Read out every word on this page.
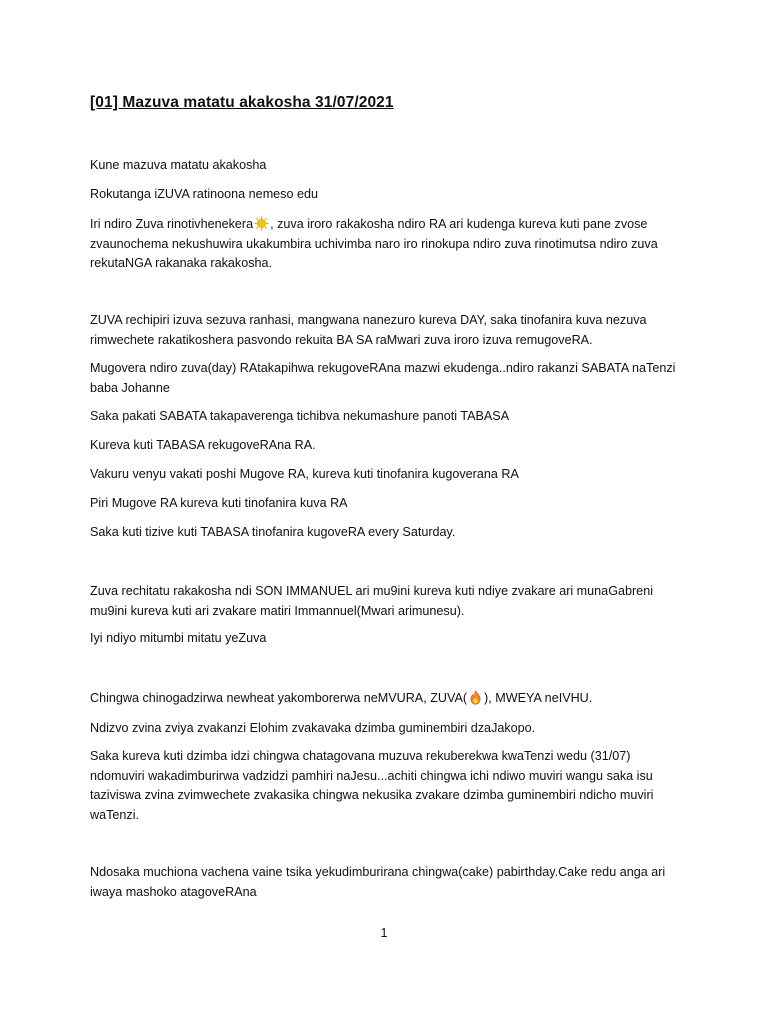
[01] Mazuva matatu akakosha 31/07/2021

Kune mazuva matatu akakosha

Rokutanga iZUVA ratinoona nemeso edu

Iri ndiro Zuva rinotivhenekera , zuva iroro rakakosha ndiro RA ari kudenga kureva kuti pane zvose zvaunochema nekushuwira ukakumbira uchivimba naro iro rinokupa ndiro zuva rinotimutsa ndiro zuva rekutaNGA rakanaka rakakosha.

ZUVA rechipiri izuva sezuva ranhasi, mangwana nanezuro kureva DAY, saka tinofanira kuva nezuva rimwechete rakatikoshera pasvondo rekuita BA SA raMwari zuva iroro izuva remugoveRA.

Mugovera ndiro zuva(day) RAtakapihwa rekugoveRAna mazwi ekudenga..ndiro rakanzi SABATA naTenzi baba Johanne

Saka pakati SABATA takapaverenga tichibva nekumashure panoti TABASA

Kureva kuti TABASA rekugoveRAna RA.

Vakuru venyu vakati poshi Mugove RA, kureva kuti tinofanira kugoverana RA

Piri Mugove RA kureva kuti tinofanira kuva RA

Saka kuti tizive kuti TABASA tinofanira kugoveRA every Saturday.

Zuva rechitatu rakakosha ndi SON IMMANUEL ari mu9ini kureva kuti ndiye zvakare ari munaGabreni mu9ini kureva kuti ari zvakare matiri Immannuel(Mwari arimunesu).

Iyi ndiyo mitumbi mitatu yeZuva

Chingwa chinogadzirwa newheat yakomborerwa neMVURA, ZUVA( ), MWEYA neIVHU.

Ndizvo zvina zviya zvakanzi Elohim zvakavaka dzimba guminembiri dzaJakopo.

Saka kureva kuti dzimba idzi chingwa chatagovana muzuva rekuberekwa kwaTenzi wedu (31/07) ndomuviri wakadimburirwa vadzidzi pamhiri naJesu...achiti chingwa ichi ndiwo muviri wangu saka isu taziviswa zvina zvimwechete zvakasika chingwa nekusika zvakare dzimba guminembiri ndicho muviri waTenzi.

Ndosaka muchiona vachena vaine tsika yekudimburirana chingwa(cake) pabirthday.Cake redu anga ari iwaya mashoko atagoveRAna

1
